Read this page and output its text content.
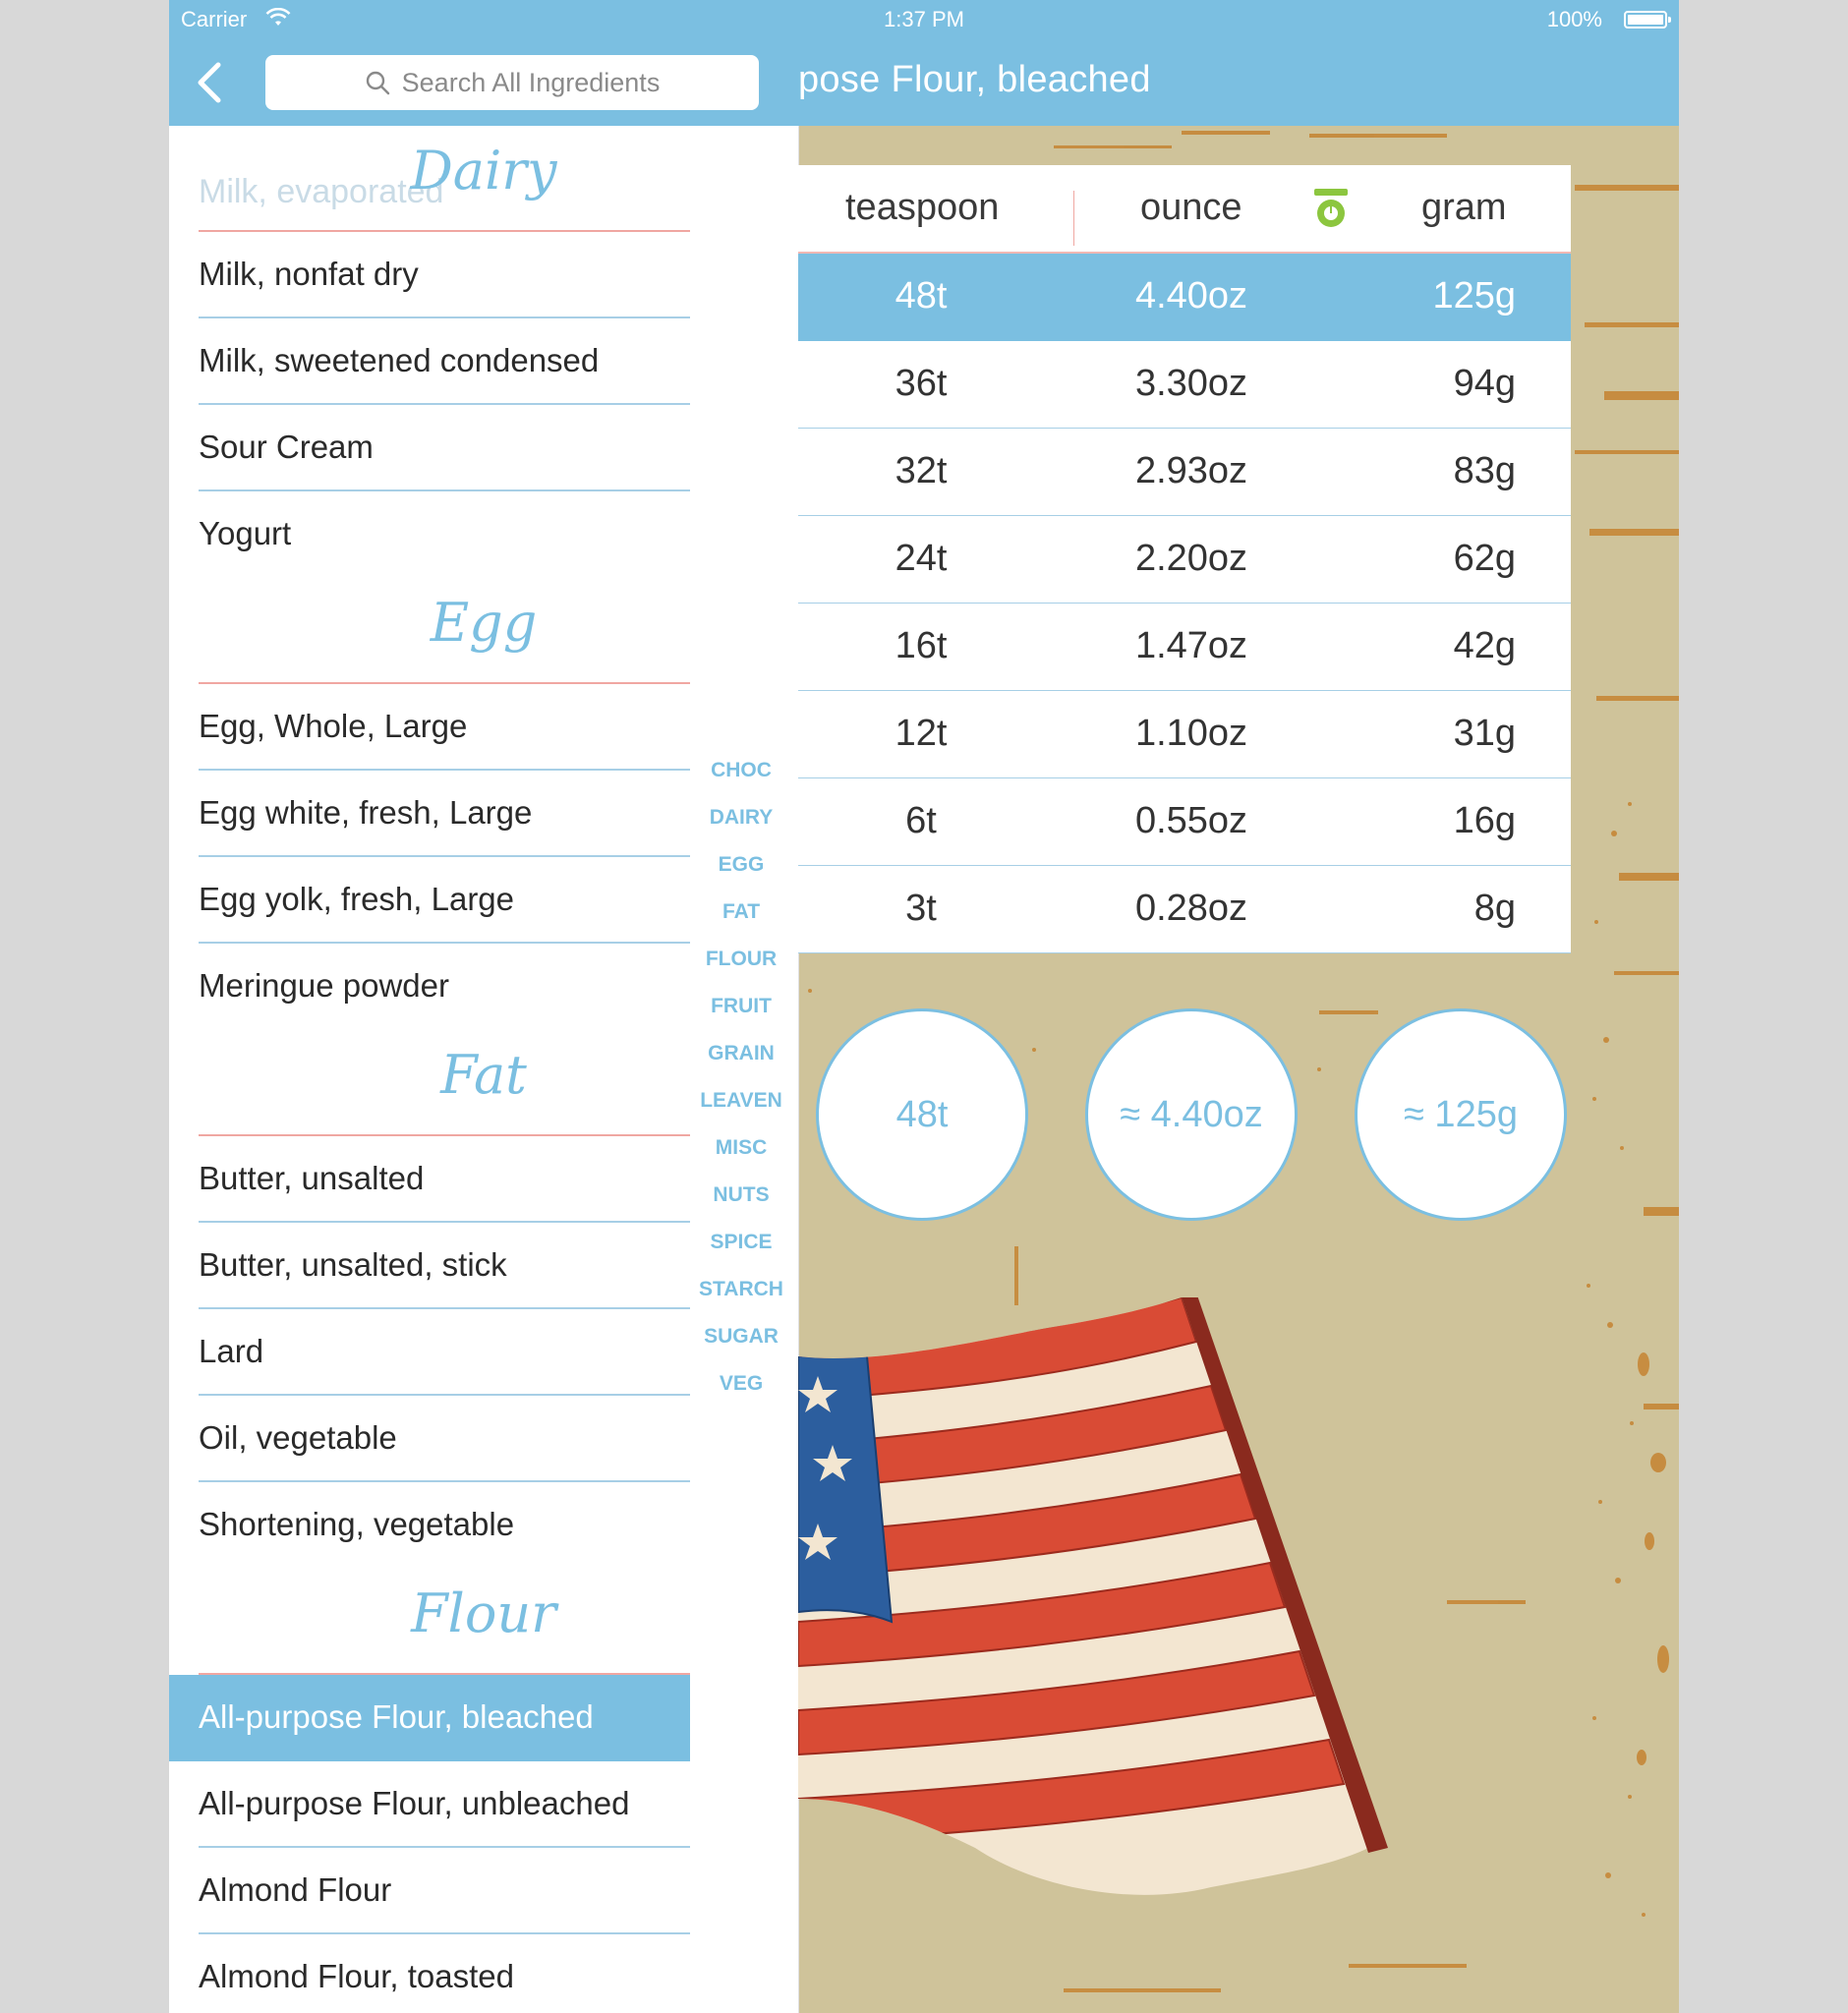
Carrier	1:37 PM	100%
pose Flour, bleached
teaspoon	ounce	gram
48t	4.40oz	125g
36t	3.30oz	94g
32t	2.93oz	83g
24t	2.20oz	62g
16t	1.47oz	42g
12t	1.10oz	31g
6t	0.55oz	16g
3t	0.28oz	8g
48t	≈ 4.40oz	≈ 125g
Milk, evaporated
Search All Ingredients
Dairy
Milk, nonfat dry
Milk, sweetened condensed
Sour Cream
Yogurt
Egg
Egg, Whole, Large
Egg white, fresh, Large
Egg yolk, fresh, Large
Meringue powder
Fat
Butter, unsalted
Butter, unsalted, stick
Lard
Oil, vegetable
Shortening, vegetable
Flour
All-purpose Flour, bleached
All-purpose Flour, unbleached
Almond Flour
Almond Flour, toasted
CHOC
DAIRY
EGG
FAT
FLOUR
FRUIT
GRAIN
LEAVEN
MISC
NUTS
SPICE
STARCH
SUGAR
VEG
